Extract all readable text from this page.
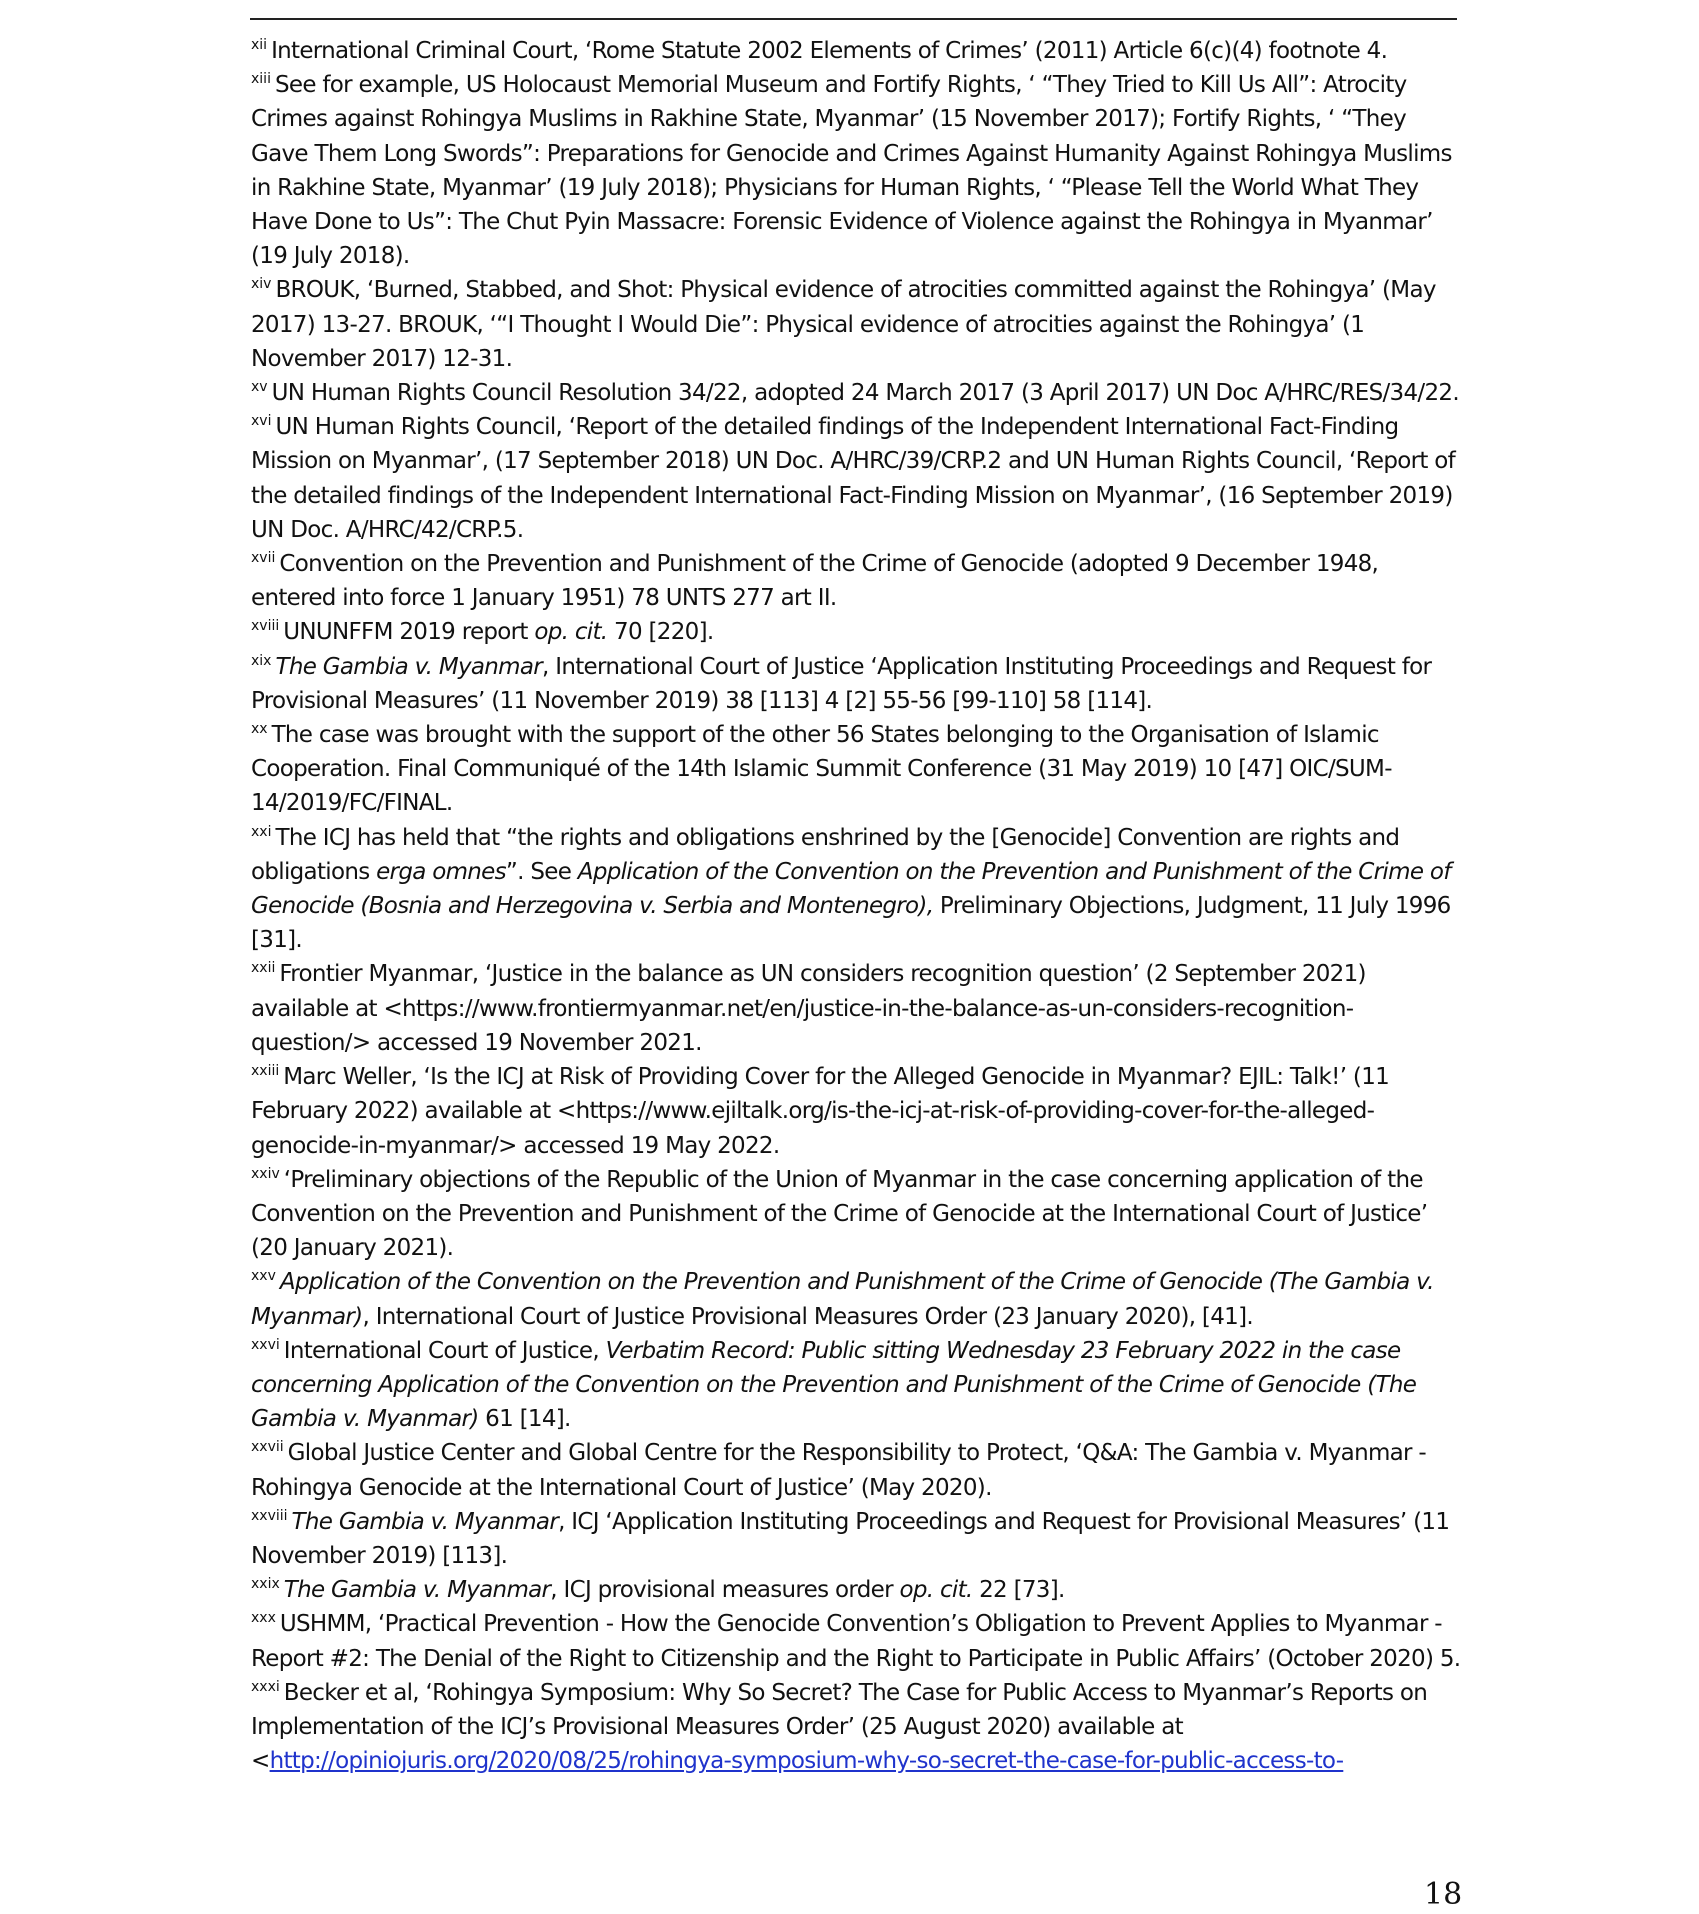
$^{xii}$ International Criminal Court, ‘Rome Statute 2002 Elements of Crimes’ (2011) Article 6(c)(4) footnote 4.

$^{xiii}$ See for example, US Holocaust Memorial Museum and Fortify Rights, ‘ “They Tried to Kill Us All”: Atrocity Crimes against Rohingya Muslims in Rakhine State, Myanmar’ (15 November 2017); Fortify Rights, ‘ “They Gave Them Long Swords”: Preparations for Genocide and Crimes Against Humanity Against Rohingya Muslims in Rakhine State, Myanmar’ (19 July 2018); Physicians for Human Rights, ‘ “Please Tell the World What They Have Done to Us”: The Chut Pyin Massacre: Forensic Evidence of Violence against the Rohingya in Myanmar’ (19 July 2018).

$^{xiv}$ BROUK, ‘Burned, Stabbed, and Shot: Physical evidence of atrocities committed against the Rohingya’ (May 2017) 13-27. BROUK, ‘“I Thought I Would Die”: Physical evidence of atrocities against the Rohingya’ (1 November 2017) 12-31.

$^{xv}$ UN Human Rights Council Resolution 34/22, adopted 24 March 2017 (3 April 2017) UN Doc A/HRC/RES/34/22.

$^{xvi}$ UN Human Rights Council, ‘Report of the detailed findings of the Independent International Fact-Finding Mission on Myanmar’, (17 September 2018) UN Doc. A/HRC/39/CRP.2 and UN Human Rights Council, ‘Report of the detailed findings of the Independent International Fact-Finding Mission on Myanmar’, (16 September 2019) UN Doc. A/HRC/42/CRP.5.

$^{xvii}$ Convention on the Prevention and Punishment of the Crime of Genocide (adopted 9 December 1948, entered into force 1 January 1951) 78 UNTS 277 art II.

$^{xviii}$ UNUNFFM 2019 report op. cit. 70 [220].

$^{xix}$ The Gambia v. Myanmar, International Court of Justice ‘Application Instituting Proceedings and Request for Provisional Measures’ (11 November 2019) 38 [113] 4 [2] 55-56 [99-110] 58 [114].

$^{xx}$ The case was brought with the support of the other 56 States belonging to the Organisation of Islamic Cooperation. Final Communiqué of the 14th Islamic Summit Conference (31 May 2019) 10 [47] OIC/SUM-14/2019/FC/FINAL.

$^{xxi}$ The ICJ has held that “the rights and obligations enshrined by the [Genocide] Convention are rights and obligations erga omnes”. See Application of the Convention on the Prevention and Punishment of the Crime of Genocide (Bosnia and Herzegovina v. Serbia and Montenegro), Preliminary Objections, Judgment, 11 July 1996 [31].

$^{xxii}$ Frontier Myanmar, ‘Justice in the balance as UN considers recognition question’ (2 September 2021) available at <https://www.frontiermyanmar.net/en/justice-in-the-balance-as-un-considers-recognition-question/> accessed 19 November 2021.

$^{xxiii}$ Marc Weller, ‘Is the ICJ at Risk of Providing Cover for the Alleged Genocide in Myanmar? EJIL: Talk!’ (11 February 2022) available at <https://www.ejiltalk.org/is-the-icj-at-risk-of-providing-cover-for-the-alleged-genocide-in-myanmar/> accessed 19 May 2022.

$^{xxiv}$ ‘Preliminary objections of the Republic of the Union of Myanmar in the case concerning application of the Convention on the Prevention and Punishment of the Crime of Genocide at the International Court of Justice’ (20 January 2021).

$^{xxv}$ Application of the Convention on the Prevention and Punishment of the Crime of Genocide (The Gambia v. Myanmar), International Court of Justice Provisional Measures Order (23 January 2020), [41].

$^{xxvi}$ International Court of Justice, Verbatim Record: Public sitting Wednesday 23 February 2022 in the case concerning Application of the Convention on the Prevention and Punishment of the Crime of Genocide (The Gambia v. Myanmar) 61 [14].

$^{xxvii}$ Global Justice Center and Global Centre for the Responsibility to Protect, ‘Q&A: The Gambia v. Myanmar - Rohingya Genocide at the International Court of Justice’ (May 2020).

$^{xxviii}$ The Gambia v. Myanmar, ICJ ‘Application Instituting Proceedings and Request for Provisional Measures’ (11 November 2019) [113].

$^{xxix}$ The Gambia v. Myanmar, ICJ provisional measures order op. cit. 22 [73].

$^{xxx}$ USHMM, ‘Practical Prevention - How the Genocide Convention’s Obligation to Prevent Applies to Myanmar - Report #2: The Denial of the Right to Citizenship and the Right to Participate in Public Affairs’ (October 2020) 5.

$^{xxxi}$ Becker et al, ‘Rohingya Symposium: Why So Secret? The Case for Public Access to Myanmar’s Reports on Implementation of the ICJ’s Provisional Measures Order’ (25 August 2020) available at <http://opiniojuris.org/2020/08/25/rohingya-symposium-why-so-secret-the-case-for-public-access-to-

18
